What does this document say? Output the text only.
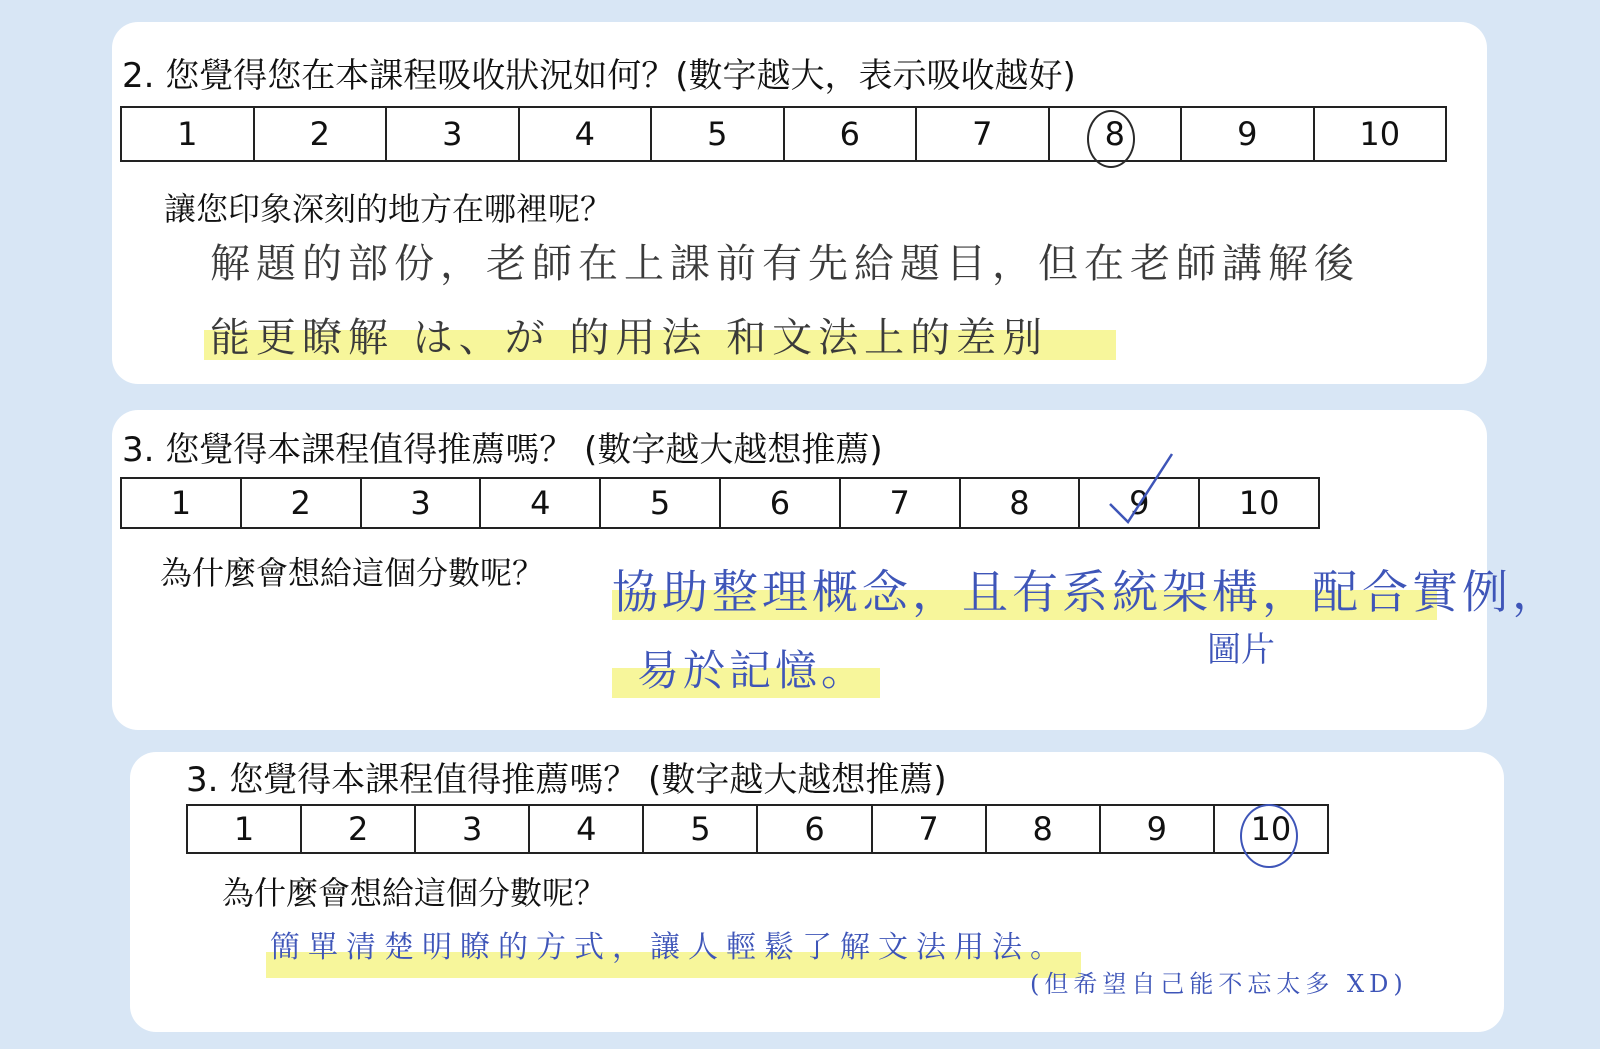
2. 您覺得您在本課程吸收狀況如何？(數字越大，表示吸收越好)
1	2	3	4	5	6	7	8	9	10
讓您印象深刻的地方在哪裡呢？
解題的部份，老師在上課前有先給題目，但在老師講解後
能更瞭解 は、が 的用法 和文法上的差別
3. 您覺得本課程值得推薦嗎？ (數字越大越想推薦)
1	2	3	4	5	6	7	8	9	10
為什麼會想給這個分數呢？ 協助整理概念，且有系統架構，配合實例，
圖片
易於記憶。
3. 您覺得本課程值得推薦嗎？ (數字越大越想推薦)
1	2	3	4	5	6	7	8	9	10
為什麼會想給這個分數呢？
簡單清楚明瞭的方式，讓人輕鬆了解文法用法。
(但希望自己能不忘太多 XD)
